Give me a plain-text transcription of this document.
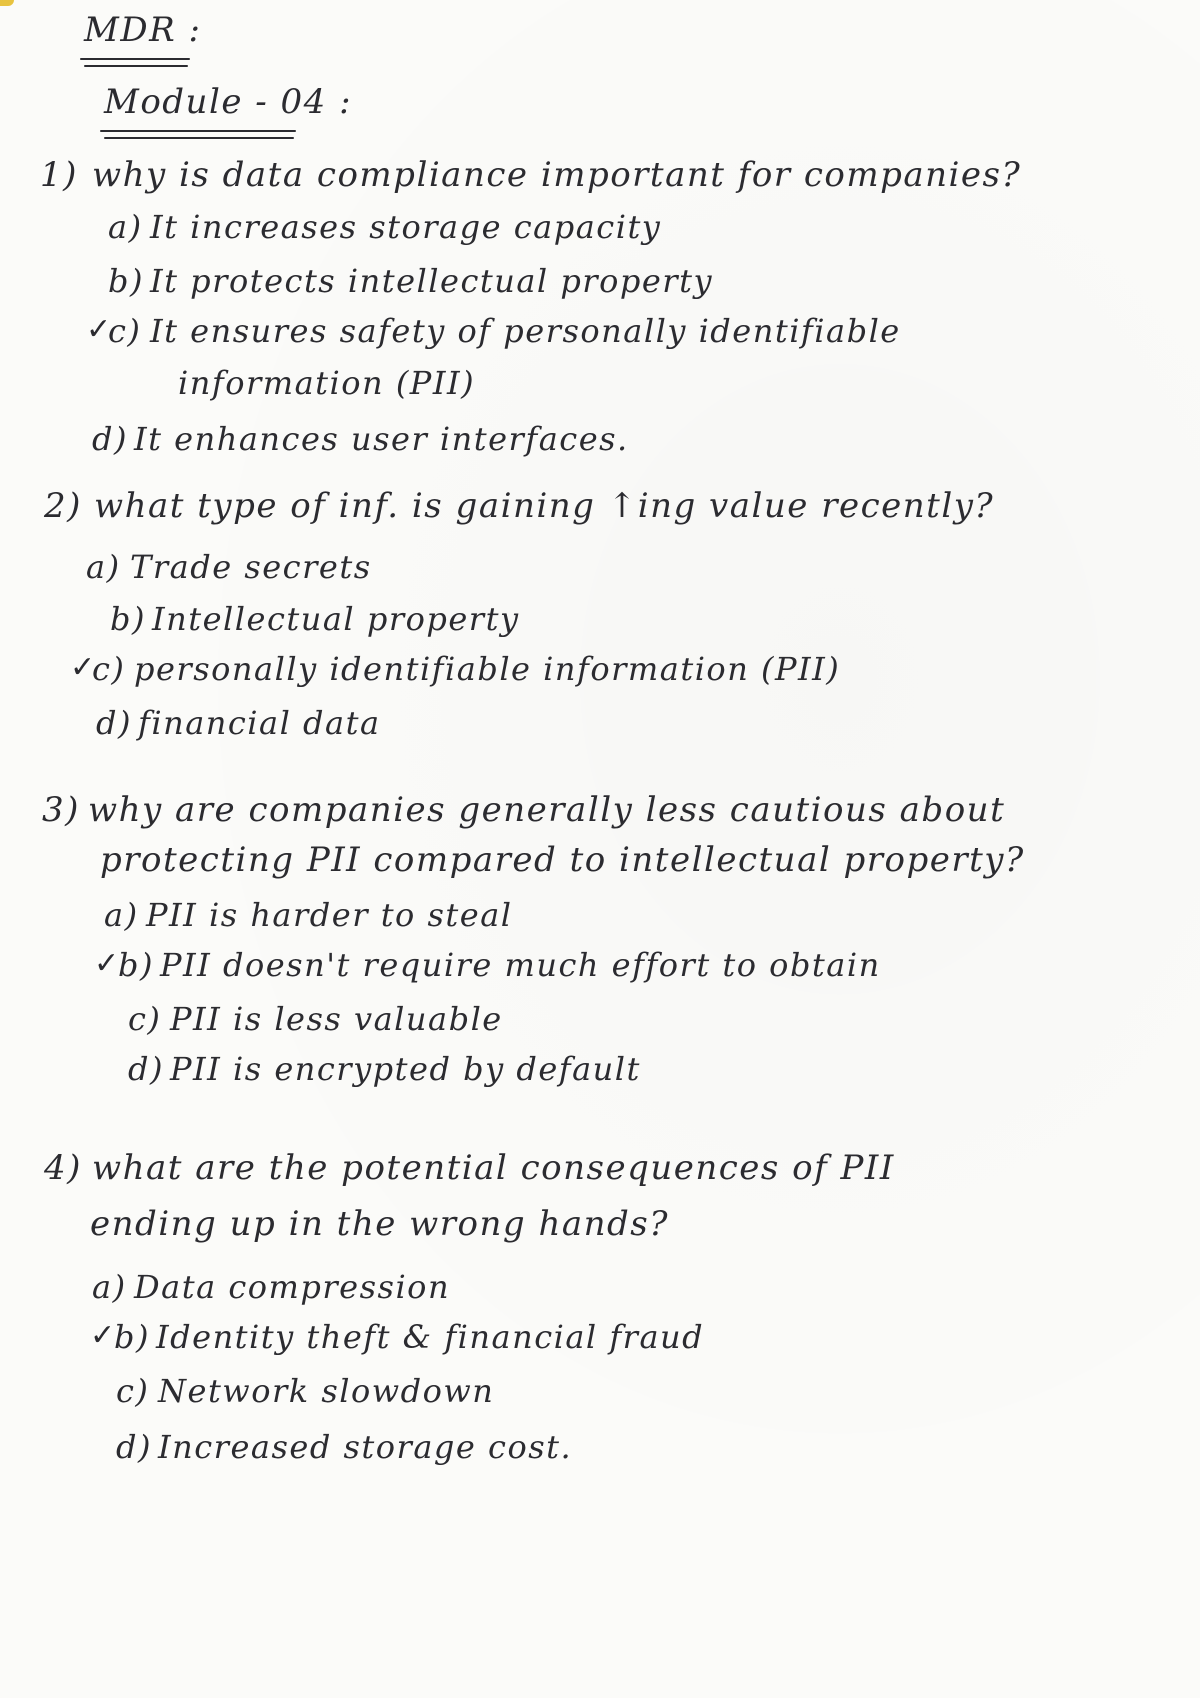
MDR :
Module - 04 :
1) why is data compliance important for companies?
a) It increases storage capacity
b) It protects intellectual property
✓
c) It ensures safety of personally identifiable
information (PII)
d) It enhances user interfaces.
2) what type of inf. is gaining ↑ing value recently?
a) Trade secrets
b) Intellectual property
✓
c) personally identifiable information (PII)
d) financial data
3) why are companies generally less cautious about
protecting PII compared to intellectual property?
a) PII is harder to steal
✓
b) PII doesn't require much effort to obtain
c) PII is less valuable
d) PII is encrypted by default
4) what are the potential consequences of PII
ending up in the wrong hands?
a) Data compression
✓
b) Identity theft & financial fraud
c) Network slowdown
d) Increased storage cost.
